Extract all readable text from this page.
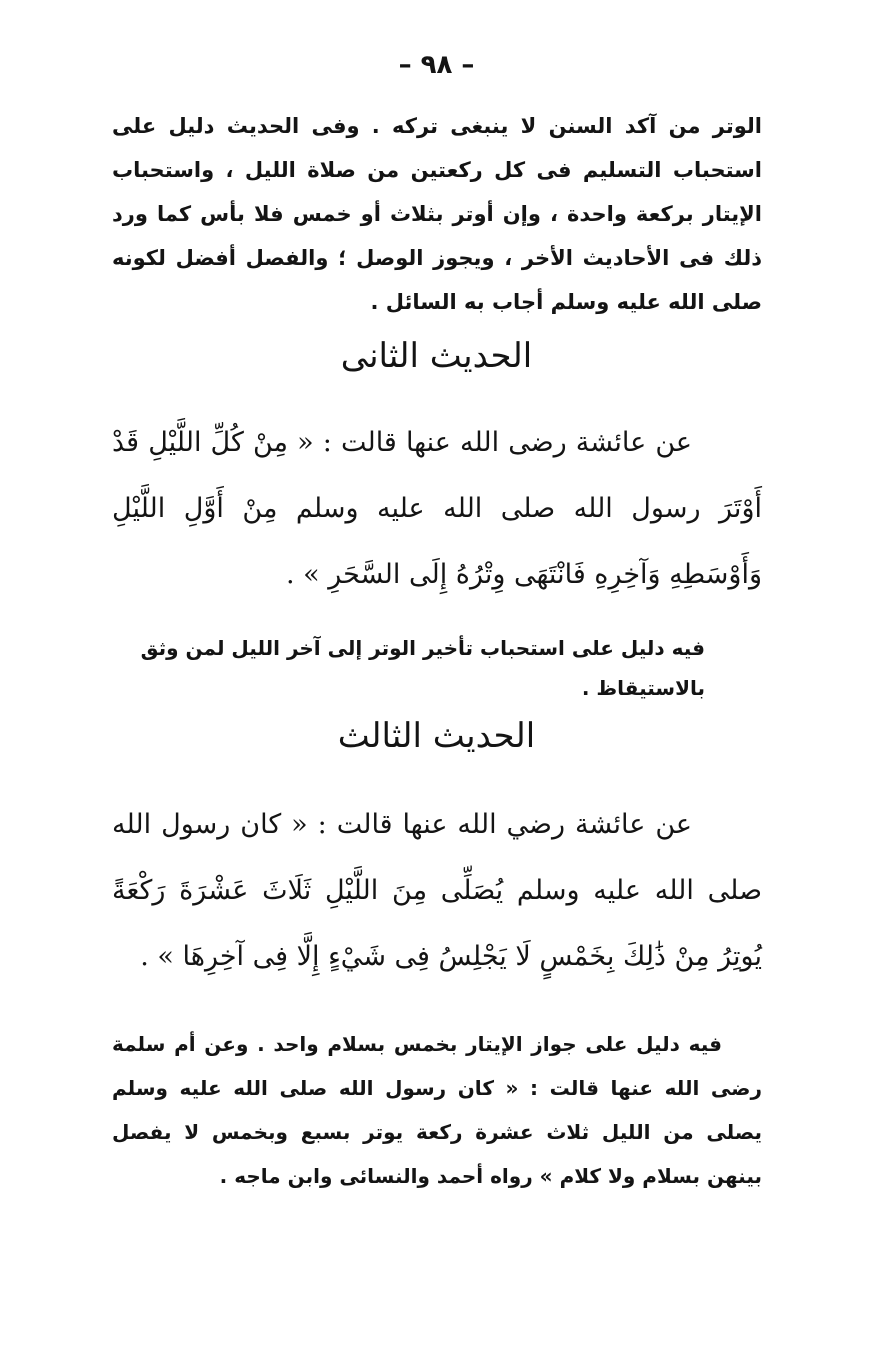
– ٩٨ –
الوتر من آكد السنن لا ينبغى تركه . وفى الحديث دليل على استحباب التسليم فى كل ركعتين من صلاة الليل ، واستحباب الإيتار بركعة واحدة ، وإن أوتر بثلاث أو خمس فلا بأس كما ورد ذلك فى الأحاديث الأخر ، ويجوز الوصل ؛ والفصل أفضل لكونه صلى الله عليه وسلم أجاب به السائل .
الحديث الثانى
عن عائشة رضى الله عنها قالت : « مِنْ كُلِّ اللَّيْلِ قَدْ أَوْتَرَ رسول الله صلى الله عليه وسلم مِنْ أَوَّلِ اللَّيْلِ وَأَوْسَطِهِ وَآخِرِهِ فَانْتَهَى وِتْرُهُ إِلَى السَّحَرِ » .
فيه دليل على استحباب تأخير الوتر إلى آخر الليل لمن وثق بالاستيقاظ .
الحديث الثالث
عن عائشة رضي الله عنها قالت : « كان رسول الله صلى الله عليه وسلم يُصَلِّى مِنَ اللَّيْلِ ثَلَاثَ عَشْرَةَ رَكْعَةً يُوتِرُ مِنْ ذَٰلِكَ بِخَمْسٍ لَا يَجْلِسُ فِى شَيْءٍ إِلَّا فِى آخِرِهَا » .
فيه دليل على جواز الإيتار بخمس بسلام واحد . وعن أم سلمة رضى الله عنها قالت : « كان رسول الله صلى الله عليه وسلم يصلى من الليل ثلاث عشرة ركعة يوتر بسبع وبخمس لا يفصل بينهن بسلام ولا كلام » رواه أحمد والنسائى وابن ماجه .
